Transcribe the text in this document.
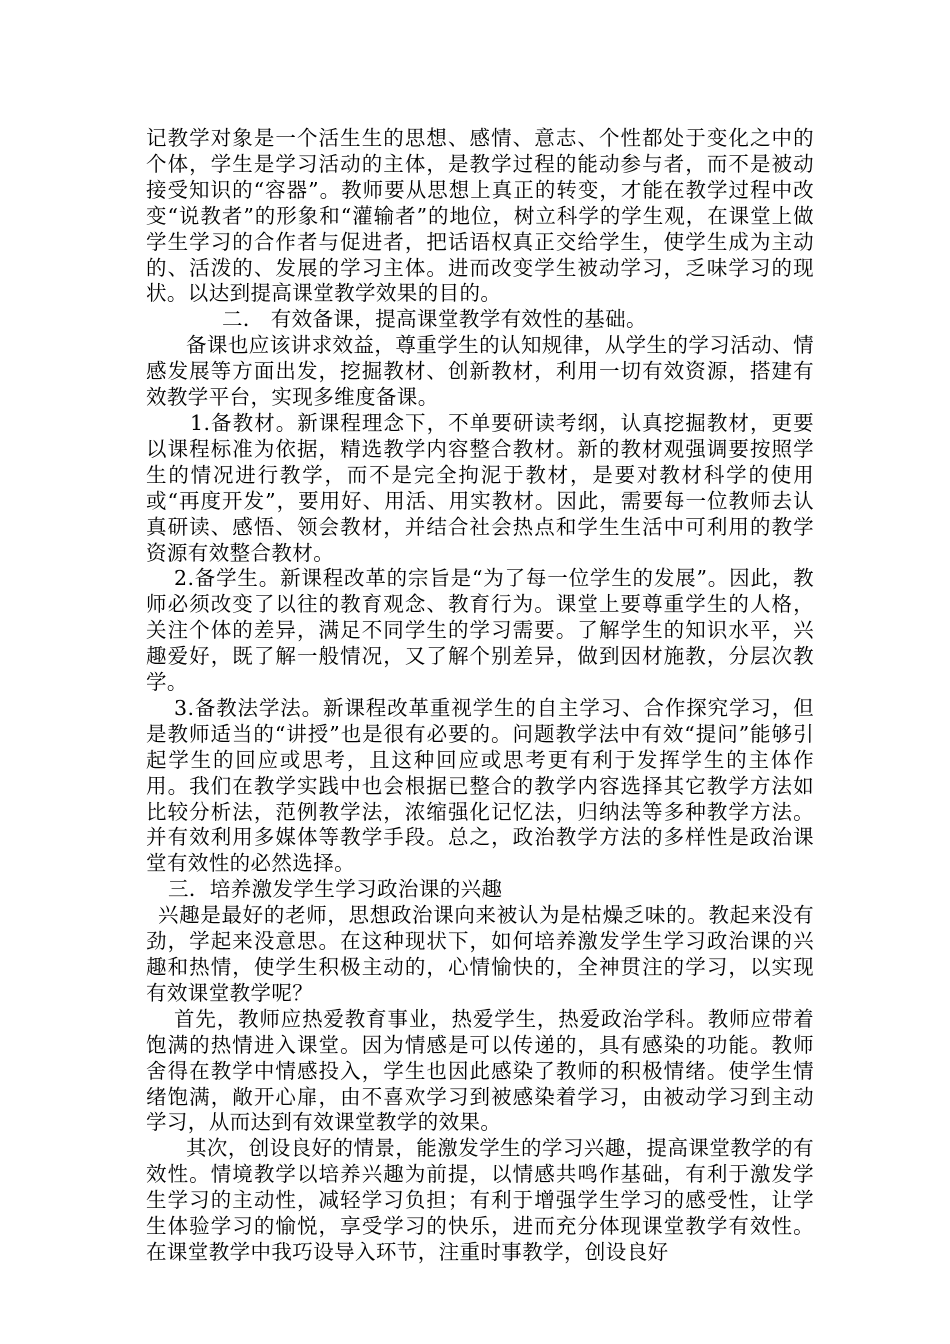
记教学对象是一个活生生的思想、感情、意志、个性都处于变化之中的个体，学生是学习活动的主体，是教学过程的能动参与者，而不是被动接受知识的“容器”。教师要从思想上真正的转变，才能在教学过程中改变“说教者”的形象和“灌输者”的地位，树立科学的学生观，在课堂上做学生学习的合作者与促进者，把话语权真正交给学生，使学生成为主动的、活泼的、发展的学习主体。进而改变学生被动学习，乏味学习的现状。以达到提高课堂教学效果的目的。

二． 有效备课，提高课堂教学有效性的基础。

备课也应该讲求效益，尊重学生的认知规律，从学生的学习活动、情感发展等方面出发，挖掘教材、创新教材，利用一切有效资源，搭建有效教学平台，实现多维度备课。

1.备教材。新课程理念下，不单要研读考纲，认真挖掘教材，更要以课程标准为依据，精选教学内容整合教材。新的教材观强调要按照学生的情况进行教学，而不是完全拘泥于教材，是要对教材科学的使用或“再度开发”，要用好、用活、用实教材。因此，需要每一位教师去认真研读、感悟、领会教材，并结合社会热点和学生生活中可利用的教学资源有效整合教材。

2.备学生。新课程改革的宗旨是“为了每一位学生的发展”。因此，教师必须改变了以往的教育观念、教育行为。课堂上要尊重学生的人格，关注个体的差异，满足不同学生的学习需要。了解学生的知识水平，兴趣爱好，既了解一般情况，又了解个别差异，做到因材施教，分层次教学。

3.备教法学法。新课程改革重视学生的自主学习、合作探究学习，但是教师适当的“讲授”也是很有必要的。问题教学法中有效“提问”能够引起学生的回应或思考，且这种回应或思考更有利于发挥学生的主体作用。我们在教学实践中也会根据已整合的教学内容选择其它教学方法如比较分析法，范例教学法，浓缩强化记忆法，归纳法等多种教学方法。并有效利用多媒体等教学手段。总之，政治教学方法的多样性是政治课堂有效性的必然选择。

三．培养激发学生学习政治课的兴趣

兴趣是最好的老师，思想政治课向来被认为是枯燥乏味的。教起来没有劲，学起来没意思。在这种现状下，如何培养激发学生学习政治课的兴趣和热情，使学生积极主动的，心情愉快的，全神贯注的学习，以实现有效课堂教学呢？

首先，教师应热爱教育事业，热爱学生，热爱政治学科。教师应带着饱满的热情进入课堂。因为情感是可以传递的，具有感染的功能。教师舍得在教学中情感投入，学生也因此感染了教师的积极情绪。使学生情绪饱满，敞开心扉，由不喜欢学习到被感染着学习，由被动学习到主动学习，从而达到有效课堂教学的效果。

其次，创设良好的情景，能激发学生的学习兴趣，提高课堂教学的有效性。情境教学以培养兴趣为前提，以情感共鸣作基础，有利于激发学生学习的主动性，减轻学习负担；有利于增强学生学习的感受性，让学生体验学习的愉悦，享受学习的快乐，进而充分体现课堂教学有效性。在课堂教学中我巧设导入环节，注重时事教学，创设良好
